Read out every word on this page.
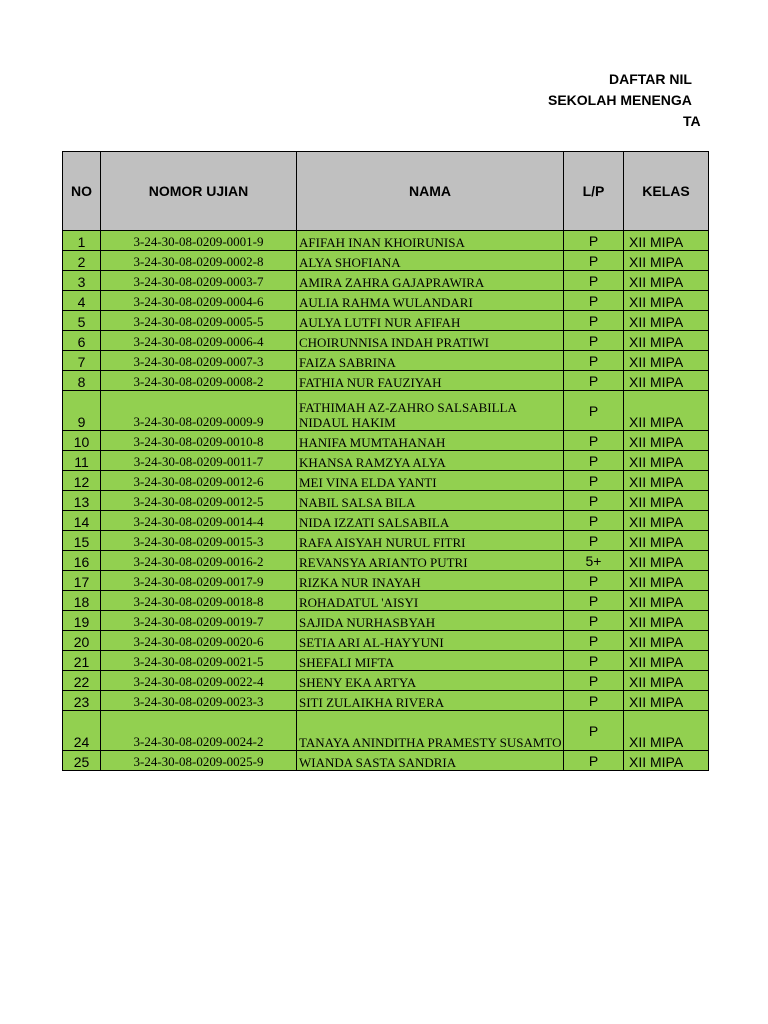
DAFTAR NIL
SEKOLAH MENENGA
TA
NO	NOMOR UJIAN	NAMA	L/P	KELAS
1	3-24-30-08-0209-0001-9	AFIFAH INAN KHOIRUNISA	P	XII MIPA
2	3-24-30-08-0209-0002-8	ALYA SHOFIANA	P	XII MIPA
3	3-24-30-08-0209-0003-7	AMIRA ZAHRA GAJAPRAWIRA	P	XII MIPA
4	3-24-30-08-0209-0004-6	AULIA RAHMA WULANDARI	P	XII MIPA
5	3-24-30-08-0209-0005-5	AULYA LUTFI NUR AFIFAH	P	XII MIPA
6	3-24-30-08-0209-0006-4	CHOIRUNNISA INDAH PRATIWI	P	XII MIPA
7	3-24-30-08-0209-0007-3	FAIZA SABRINA	P	XII MIPA
8	3-24-30-08-0209-0008-2	FATHIA NUR FAUZIYAH	P	XII MIPA
9	3-24-30-08-0209-0009-9	FATHIMAH AZ-ZAHRO SALSABILLA NIDAUL HAKIM	P	XII MIPA
10	3-24-30-08-0209-0010-8	HANIFA MUMTAHANAH	P	XII MIPA
11	3-24-30-08-0209-0011-7	KHANSA RAMZYA ALYA	P	XII MIPA
12	3-24-30-08-0209-0012-6	MEI VINA ELDA YANTI	P	XII MIPA
13	3-24-30-08-0209-0012-5	NABIL SALSA BILA	P	XII MIPA
14	3-24-30-08-0209-0014-4	NIDA IZZATI SALSABILA	P	XII MIPA
15	3-24-30-08-0209-0015-3	RAFA AISYAH NURUL FITRI	P	XII MIPA
16	3-24-30-08-0209-0016-2	REVANSYA ARIANTO PUTRI	5+	XII MIPA
17	3-24-30-08-0209-0017-9	RIZKA NUR INAYAH	P	XII MIPA
18	3-24-30-08-0209-0018-8	ROHADATUL 'AISYI	P	XII MIPA
19	3-24-30-08-0209-0019-7	SAJIDA NURHASBYAH	P	XII MIPA
20	3-24-30-08-0209-0020-6	SETIA ARI AL-HAYYUNI	P	XII MIPA
21	3-24-30-08-0209-0021-5	SHEFALI MIFTA	P	XII MIPA
22	3-24-30-08-0209-0022-4	SHENY EKA ARTYA	P	XII MIPA
23	3-24-30-08-0209-0023-3	SITI ZULAIKHA RIVERA	P	XII MIPA
24	3-24-30-08-0209-0024-2	TANAYA ANINDITHA PRAMESTY SUSAMTO	P	XII MIPA
25	3-24-30-08-0209-0025-9	WIANDA SASTA SANDRIA	P	XII MIPA
